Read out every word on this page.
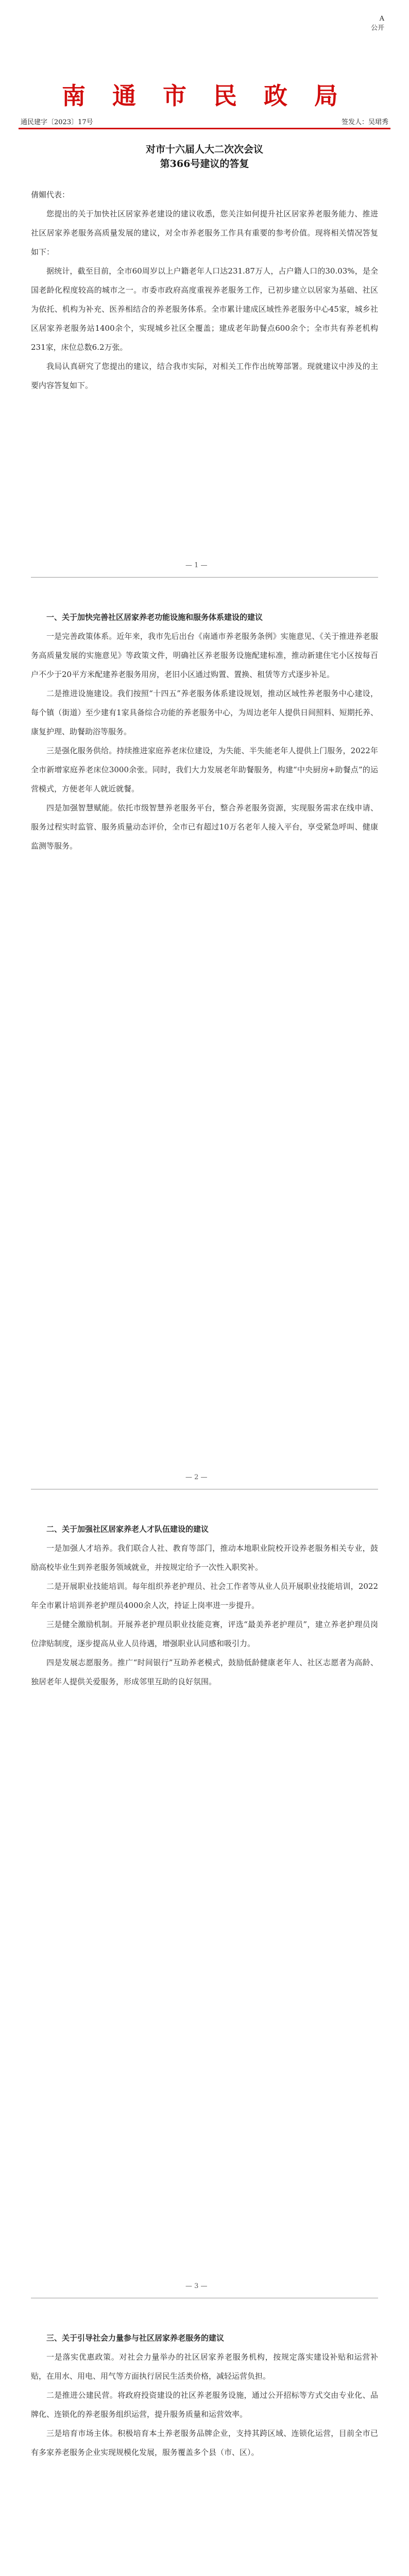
A
公开
南 通 市 民 政 局
通民建字〔2023〕17号	签发人：吴珺秀
对市十六届人大二次次会议
第366号建议的答复

倩媚代表：

您提出的关于加快社区居家养老建设的建议收悉，您关注如何提升社区居家养老服务能力、推进社区居家养老服务高质量发展的建议，对全市养老服务工作具有重要的参考价值。现将相关情况答复如下：

据统计，截至目前，全市60周岁以上户籍老年人口达231.87万人，占户籍人口的30.03%，是全国老龄化程度较高的城市之一。市委市政府高度重视养老服务工作，已初步建立以居家为基础、社区为依托、机构为补充、医养相结合的养老服务体系。全市累计建成区域性养老服务中心45家，城乡社区居家养老服务站1400余个，实现城乡社区全覆盖；建成老年助餐点600余个；全市共有养老机构231家，床位总数6.2万张。

我局认真研究了您提出的建议，结合我市实际，对相关工作作出统筹部署。现就建议中涉及的主要内容答复如下。

— 1 —

一、关于加快完善社区居家养老功能设施和服务体系建设的建议

一是完善政策体系。近年来，我市先后出台《南通市养老服务条例》实施意见、《关于推进养老服务高质量发展的实施意见》等政策文件，明确社区养老服务设施配建标准，推动新建住宅小区按每百户不少于20平方米配建养老服务用房，老旧小区通过购置、置换、租赁等方式逐步补足。

二是推进设施建设。我们按照“十四五”养老服务体系建设规划，推动区域性养老服务中心建设，每个镇（街道）至少建有1家具备综合功能的养老服务中心，为周边老年人提供日间照料、短期托养、康复护理、助餐助浴等服务。

三是强化服务供给。持续推进家庭养老床位建设，为失能、半失能老年人提供上门服务，2022年全市新增家庭养老床位3000余张。同时，我们大力发展老年助餐服务，构建“中央厨房+助餐点”的运营模式，方便老年人就近就餐。

四是加强智慧赋能。依托市级智慧养老服务平台，整合养老服务资源，实现服务需求在线申请、服务过程实时监管、服务质量动态评价，全市已有超过10万名老年人接入平台，享受紧急呼叫、健康监测等服务。

— 2 —

二、关于加强社区居家养老人才队伍建设的建议

一是加强人才培养。我们联合人社、教育等部门，推动本地职业院校开设养老服务相关专业，鼓励高校毕业生到养老服务领域就业，并按规定给予一次性入职奖补。

二是开展职业技能培训。每年组织养老护理员、社会工作者等从业人员开展职业技能培训，2022年全市累计培训养老护理员4000余人次，持证上岗率进一步提升。

三是健全激励机制。开展养老护理员职业技能竞赛，评选“最美养老护理员”，建立养老护理员岗位津贴制度，逐步提高从业人员待遇，增强职业认同感和吸引力。

四是发展志愿服务。推广“时间银行”互助养老模式，鼓励低龄健康老年人、社区志愿者为高龄、独居老年人提供关爱服务，形成邻里互助的良好氛围。

— 3 —

三、关于引导社会力量参与社区居家养老服务的建议

一是落实优惠政策。对社会力量举办的社区居家养老服务机构，按规定落实建设补贴和运营补贴，在用水、用电、用气等方面执行居民生活类价格，减轻运营负担。

二是推进公建民营。将政府投资建设的社区养老服务设施，通过公开招标等方式交由专业化、品牌化、连锁化的养老服务组织运营，提升服务质量和运营效率。

三是培育市场主体。积极培育本土养老服务品牌企业，支持其跨区域、连锁化运营，目前全市已有多家养老服务企业实现规模化发展，服务覆盖多个县（市、区）。
